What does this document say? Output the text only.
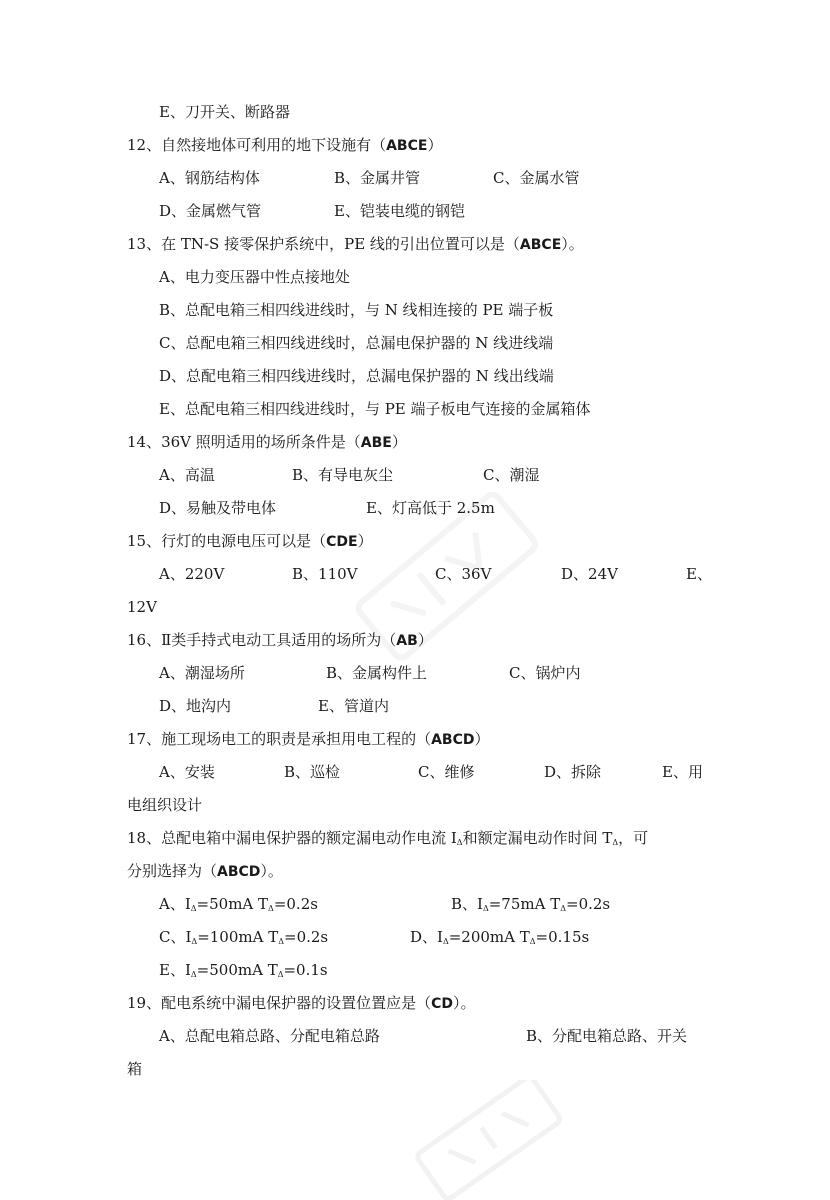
E、刀开关、断路器
12、自然接地体可利用的地下设施有（ABCE）
A、钢筋结构体	B、金属井管	C、金属水管
D、金属燃气管	E、铠装电缆的钢铠
13、在 TN-S 接零保护系统中，PE 线的引出位置可以是（ABCE）。
A、电力变压器中性点接地处
B、总配电箱三相四线进线时，与 N 线相连接的 PE 端子板
C、总配电箱三相四线进线时，总漏电保护器的 N 线进线端
D、总配电箱三相四线进线时，总漏电保护器的 N 线出线端
E、总配电箱三相四线进线时，与 PE 端子板电气连接的金属箱体
14、36V 照明适用的场所条件是（ABE）
A、高温	B、有导电灰尘	C、潮湿
D、易触及带电体	E、灯高低于 2.5m
15、行灯的电源电压可以是（CDE）
A、220V	B、110V	C、36V	D、24V	E、
12V
16、Ⅱ类手持式电动工具适用的场所为（AB）
A、潮湿场所	B、金属构件上	C、锅炉内
D、地沟内	E、管道内
17、施工现场电工的职责是承担用电工程的（ABCD）
A、安装	B、巡检	C、维修	D、拆除	E、用
电组织设计
18、总配电箱中漏电保护器的额定漏电动作电流 $I_\Delta$和额定漏电动作时间 $T_\Delta$，可
分别选择为（ABCD）。
A、$I_\Delta=50mA$ $T_\Delta=0.2s$	B、$I_\Delta=75mA$ $T_\Delta=0.2s$
C、$I_\Delta=100mA$ $T_\Delta=0.2s$	D、$I_\Delta=200mA$ $T_\Delta=0.15s$
E、$I_\Delta=500mA$ $T_\Delta=0.1s$
19、配电系统中漏电保护器的设置位置应是（CD）。
A、总配电箱总路、分配电箱总路	B、分配电箱总路、开关
箱
